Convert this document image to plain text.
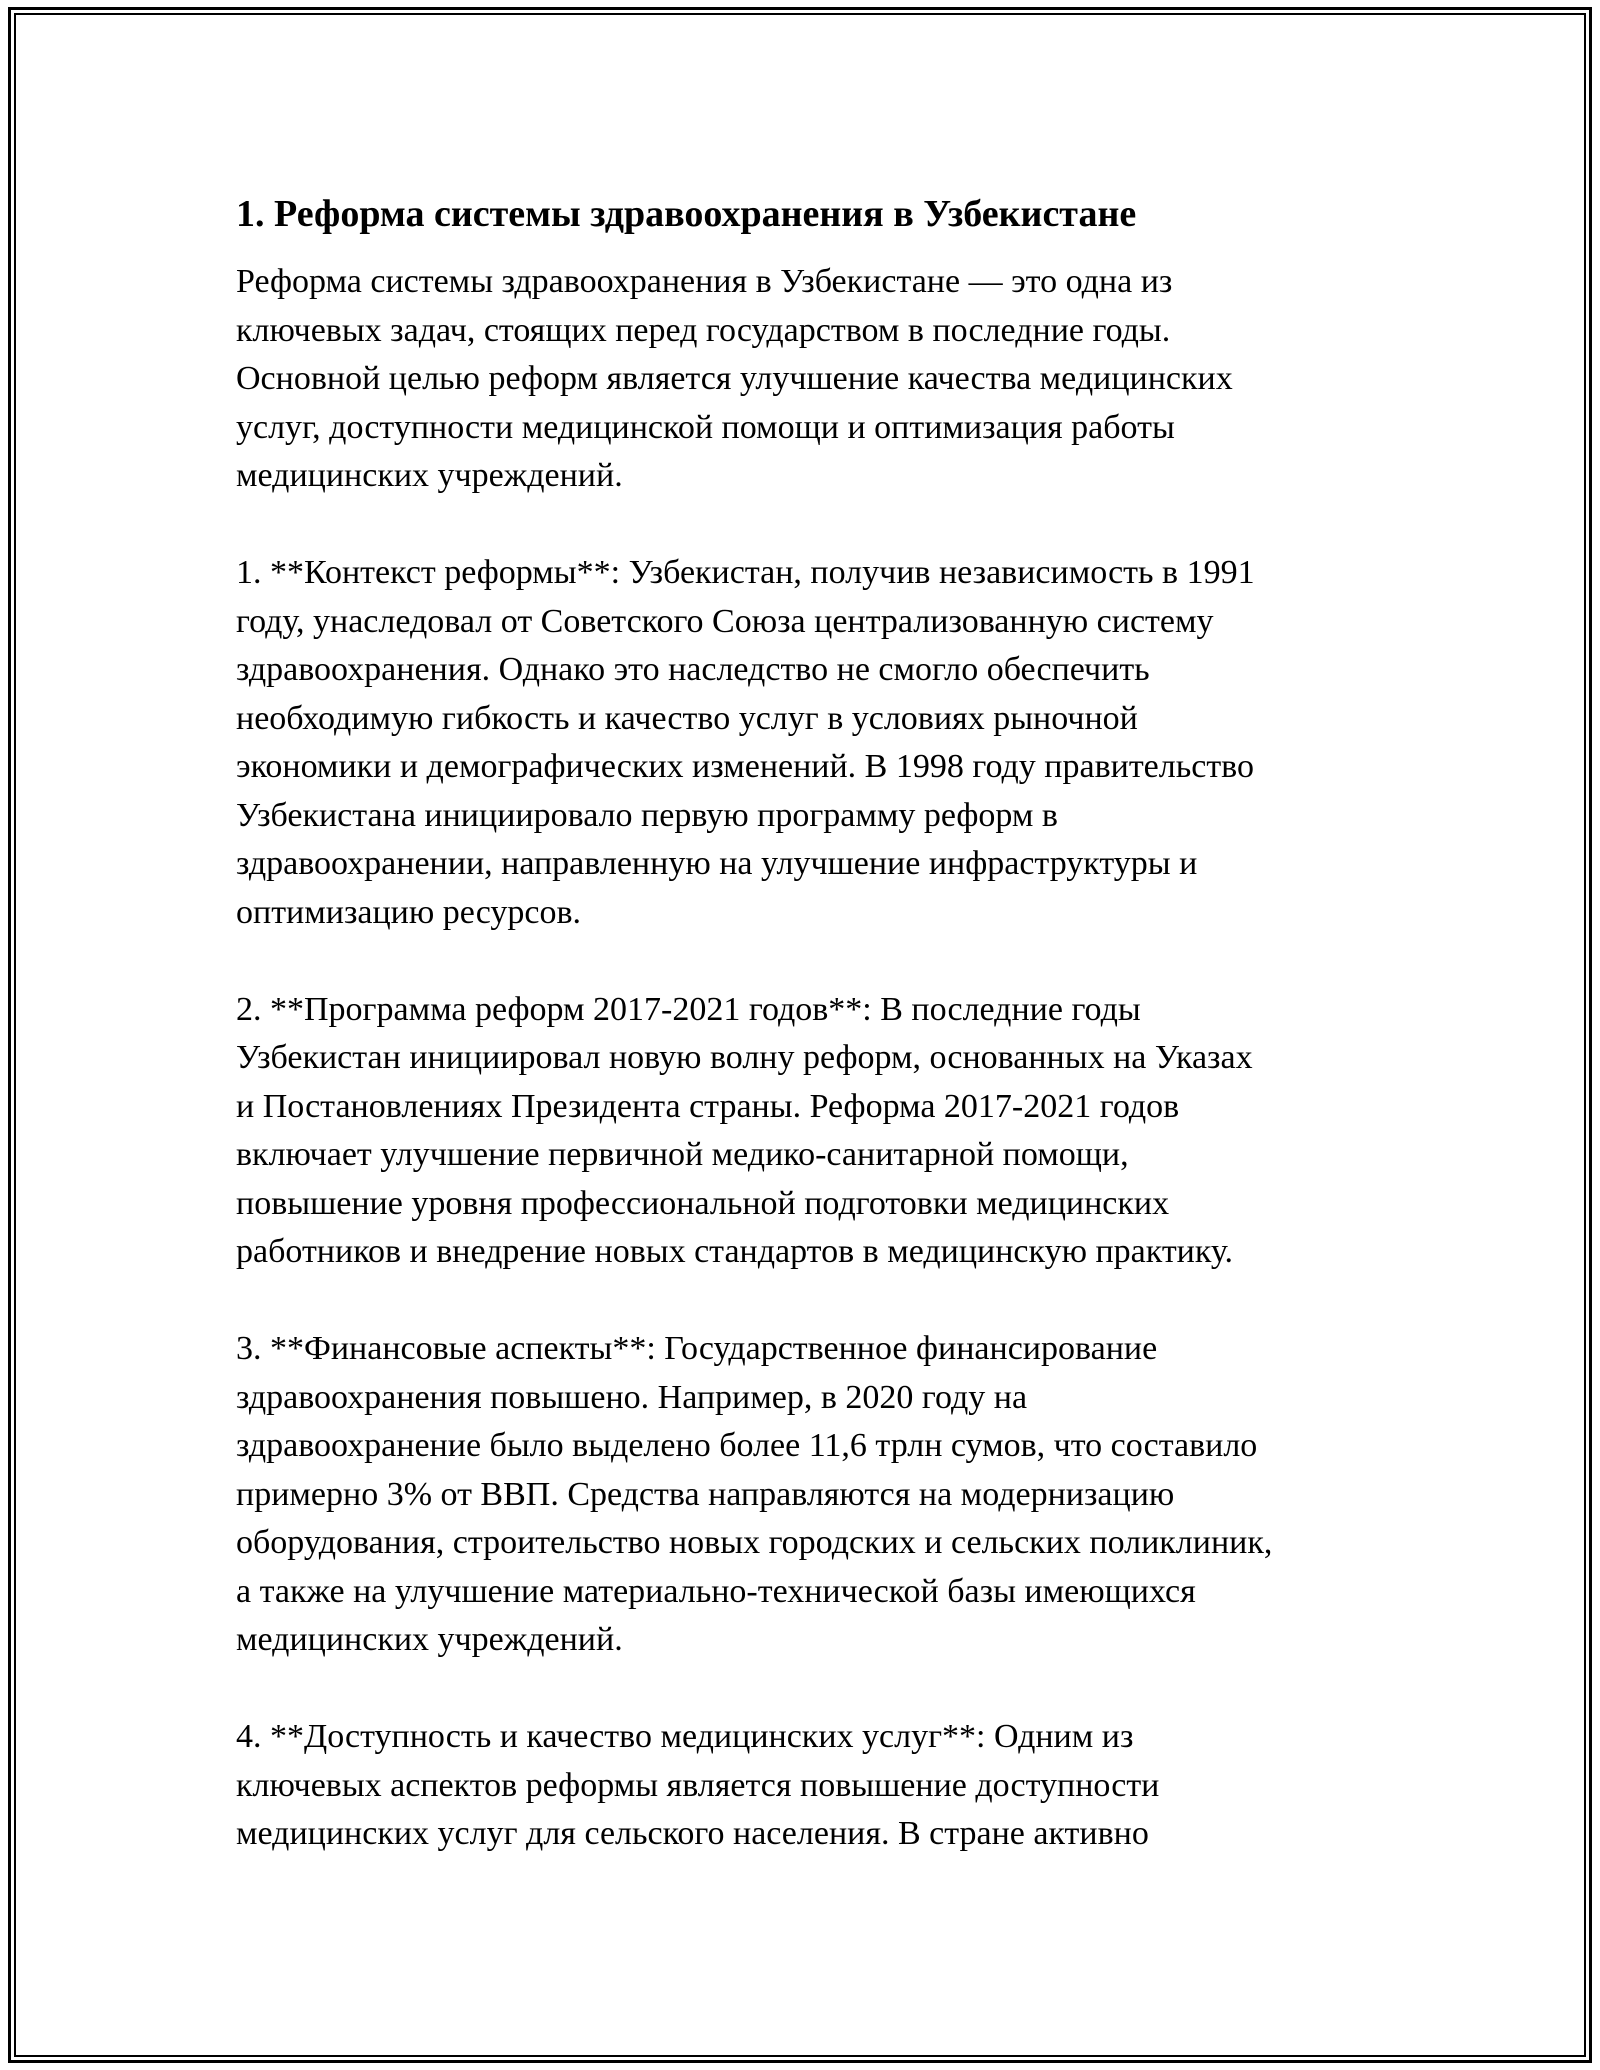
1. Реформа системы здравоохранения в Узбекистане

Реформа системы здравоохранения в Узбекистане — это одна из
ключевых задач, стоящих перед государством в последние годы.
Основной целью реформ является улучшение качества медицинских
услуг, доступности медицинской помощи и оптимизация работы
медицинских учреждений.

1. **Контекст реформы**: Узбекистан, получив независимость в 1991
году, унаследовал от Советского Союза централизованную систему
здравоохранения. Однако это наследство не смогло обеспечить
необходимую гибкость и качество услуг в условиях рыночной
экономики и демографических изменений. В 1998 году правительство
Узбекистана инициировало первую программу реформ в
здравоохранении, направленную на улучшение инфраструктуры и
оптимизацию ресурсов.

2. **Программа реформ 2017-2021 годов**: В последние годы
Узбекистан инициировал новую волну реформ, основанных на Указах
и Постановлениях Президента страны. Реформа 2017-2021 годов
включает улучшение первичной медико-санитарной помощи,
повышение уровня профессиональной подготовки медицинских
работников и внедрение новых стандартов в медицинскую практику.

3. **Финансовые аспекты**: Государственное финансирование
здравоохранения повышено. Например, в 2020 году на
здравоохранение было выделено более 11,6 трлн сумов, что составило
примерно 3% от ВВП. Средства направляются на модернизацию
оборудования, строительство новых городских и сельских поликлиник,
а также на улучшение материально-технической базы имеющихся
медицинских учреждений.

4. **Доступность и качество медицинских услуг**: Одним из
ключевых аспектов реформы является повышение доступности
медицинских услуг для сельского населения. В стране активно
